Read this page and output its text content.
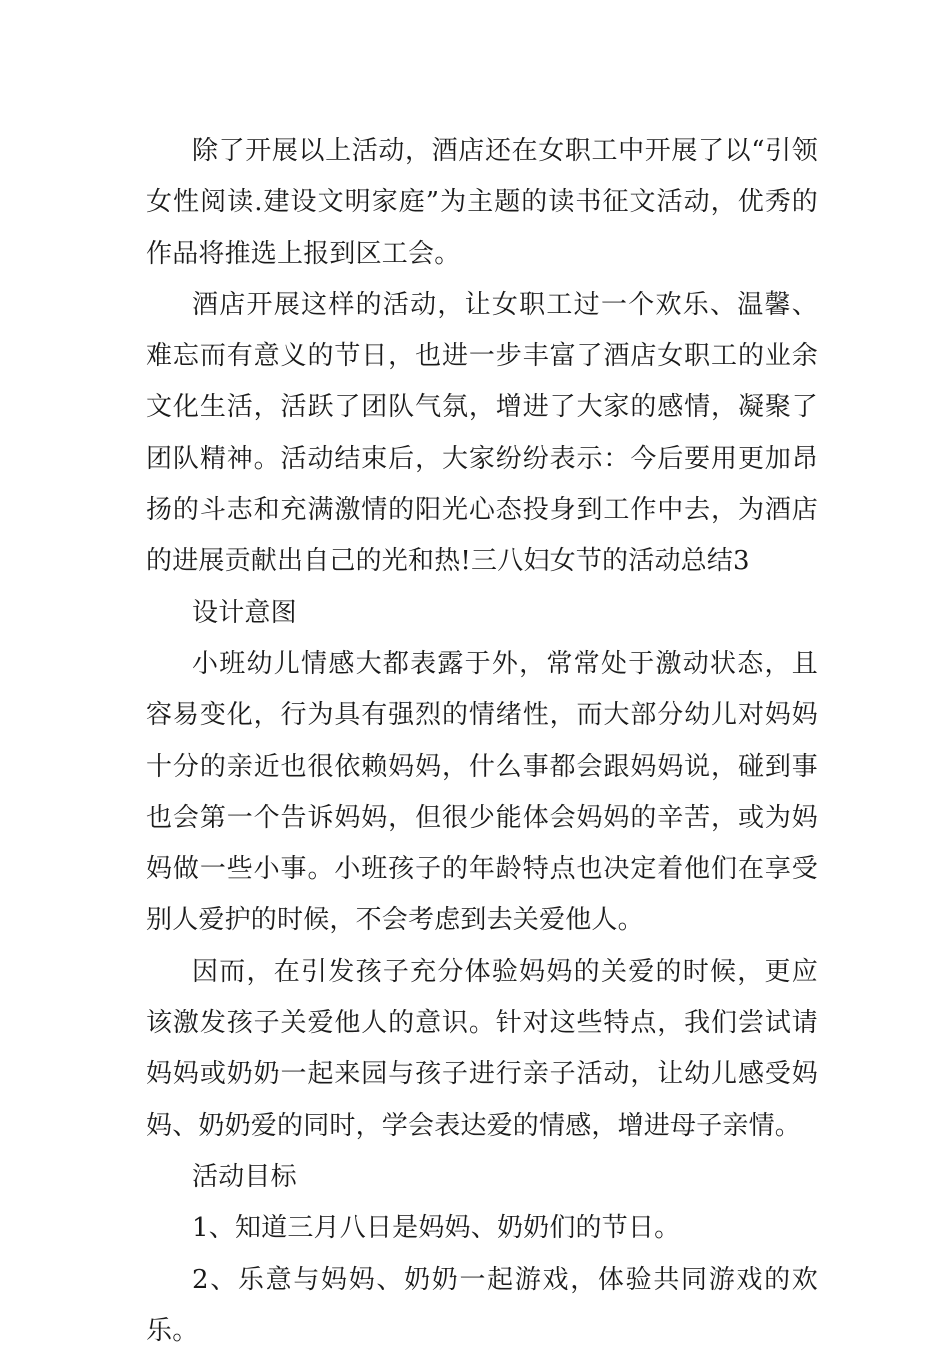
除了开展以上活动，酒店还在女职工中开展了以“引领女性阅读.建设文明家庭”为主题的读书征文活动，优秀的作品将推选上报到区工会。

酒店开展这样的活动，让女职工过一个欢乐、温馨、难忘而有意义的节日，也进一步丰富了酒店女职工的业余文化生活，活跃了团队气氛，增进了大家的感情，凝聚了团队精神。活动结束后，大家纷纷表示：今后要用更加昂扬的斗志和充满激情的阳光心态投身到工作中去，为酒店的进展贡献出自己的光和热!三八妇女节的活动总结3

设计意图

小班幼儿情感大都表露于外，常常处于激动状态，且容易变化，行为具有强烈的情绪性，而大部分幼儿对妈妈十分的亲近也很依赖妈妈，什么事都会跟妈妈说，碰到事也会第一个告诉妈妈，但很少能体会妈妈的辛苦，或为妈妈做一些小事。小班孩子的年龄特点也决定着他们在享受别人爱护的时候，不会考虑到去关爱他人。

因而，在引发孩子充分体验妈妈的关爱的时候，更应该激发孩子关爱他人的意识。针对这些特点，我们尝试请妈妈或奶奶一起来园与孩子进行亲子活动，让幼儿感受妈妈、奶奶爱的同时，学会表达爱的情感，增进母子亲情。

活动目标

1、知道三月八日是妈妈、奶奶们的节日。

2、乐意与妈妈、奶奶一起游戏，体验共同游戏的欢乐。
